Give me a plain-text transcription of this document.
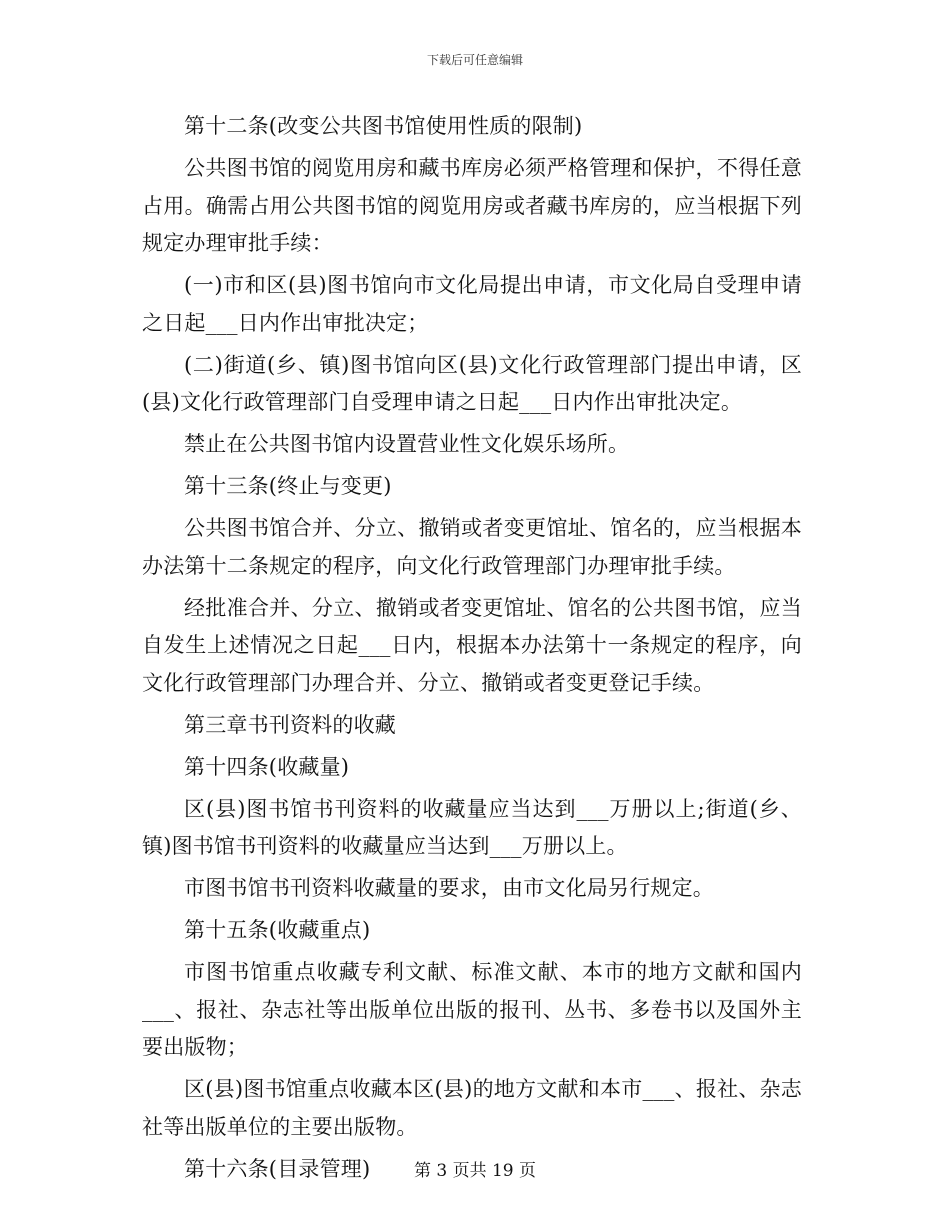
下载后可任意编辑

第十二条(改变公共图书馆使用性质的限制)

公共图书馆的阅览用房和藏书库房必须严格管理和保护，不得任意占用。确需占用公共图书馆的阅览用房或者藏书库房的，应当根据下列规定办理审批手续：

(一)市和区(县)图书馆向市文化局提出申请，市文化局自受理申请之日起___日内作出审批决定；

(二)街道(乡、镇)图书馆向区(县)文化行政管理部门提出申请，区(县)文化行政管理部门自受理申请之日起___日内作出审批决定。

禁止在公共图书馆内设置营业性文化娱乐场所。

第十三条(终止与变更)

公共图书馆合并、分立、撤销或者变更馆址、馆名的，应当根据本办法第十二条规定的程序，向文化行政管理部门办理审批手续。

经批准合并、分立、撤销或者变更馆址、馆名的公共图书馆，应当自发生上述情况之日起___日内，根据本办法第十一条规定的程序，向文化行政管理部门办理合并、分立、撤销或者变更登记手续。

第三章书刊资料的收藏

第十四条(收藏量)

区(县)图书馆书刊资料的收藏量应当达到___万册以上;街道(乡、镇)图书馆书刊资料的收藏量应当达到___万册以上。

市图书馆书刊资料收藏量的要求，由市文化局另行规定。

第十五条(收藏重点)

市图书馆重点收藏专利文献、标准文献、本市的地方文献和国内___、报社、杂志社等出版单位出版的报刊、丛书、多卷书以及国外主要出版物；

区(县)图书馆重点收藏本区(县)的地方文献和本市___、报社、杂志社等出版单位的主要出版物。

第十六条(目录管理)	第 3 页共 19 页
